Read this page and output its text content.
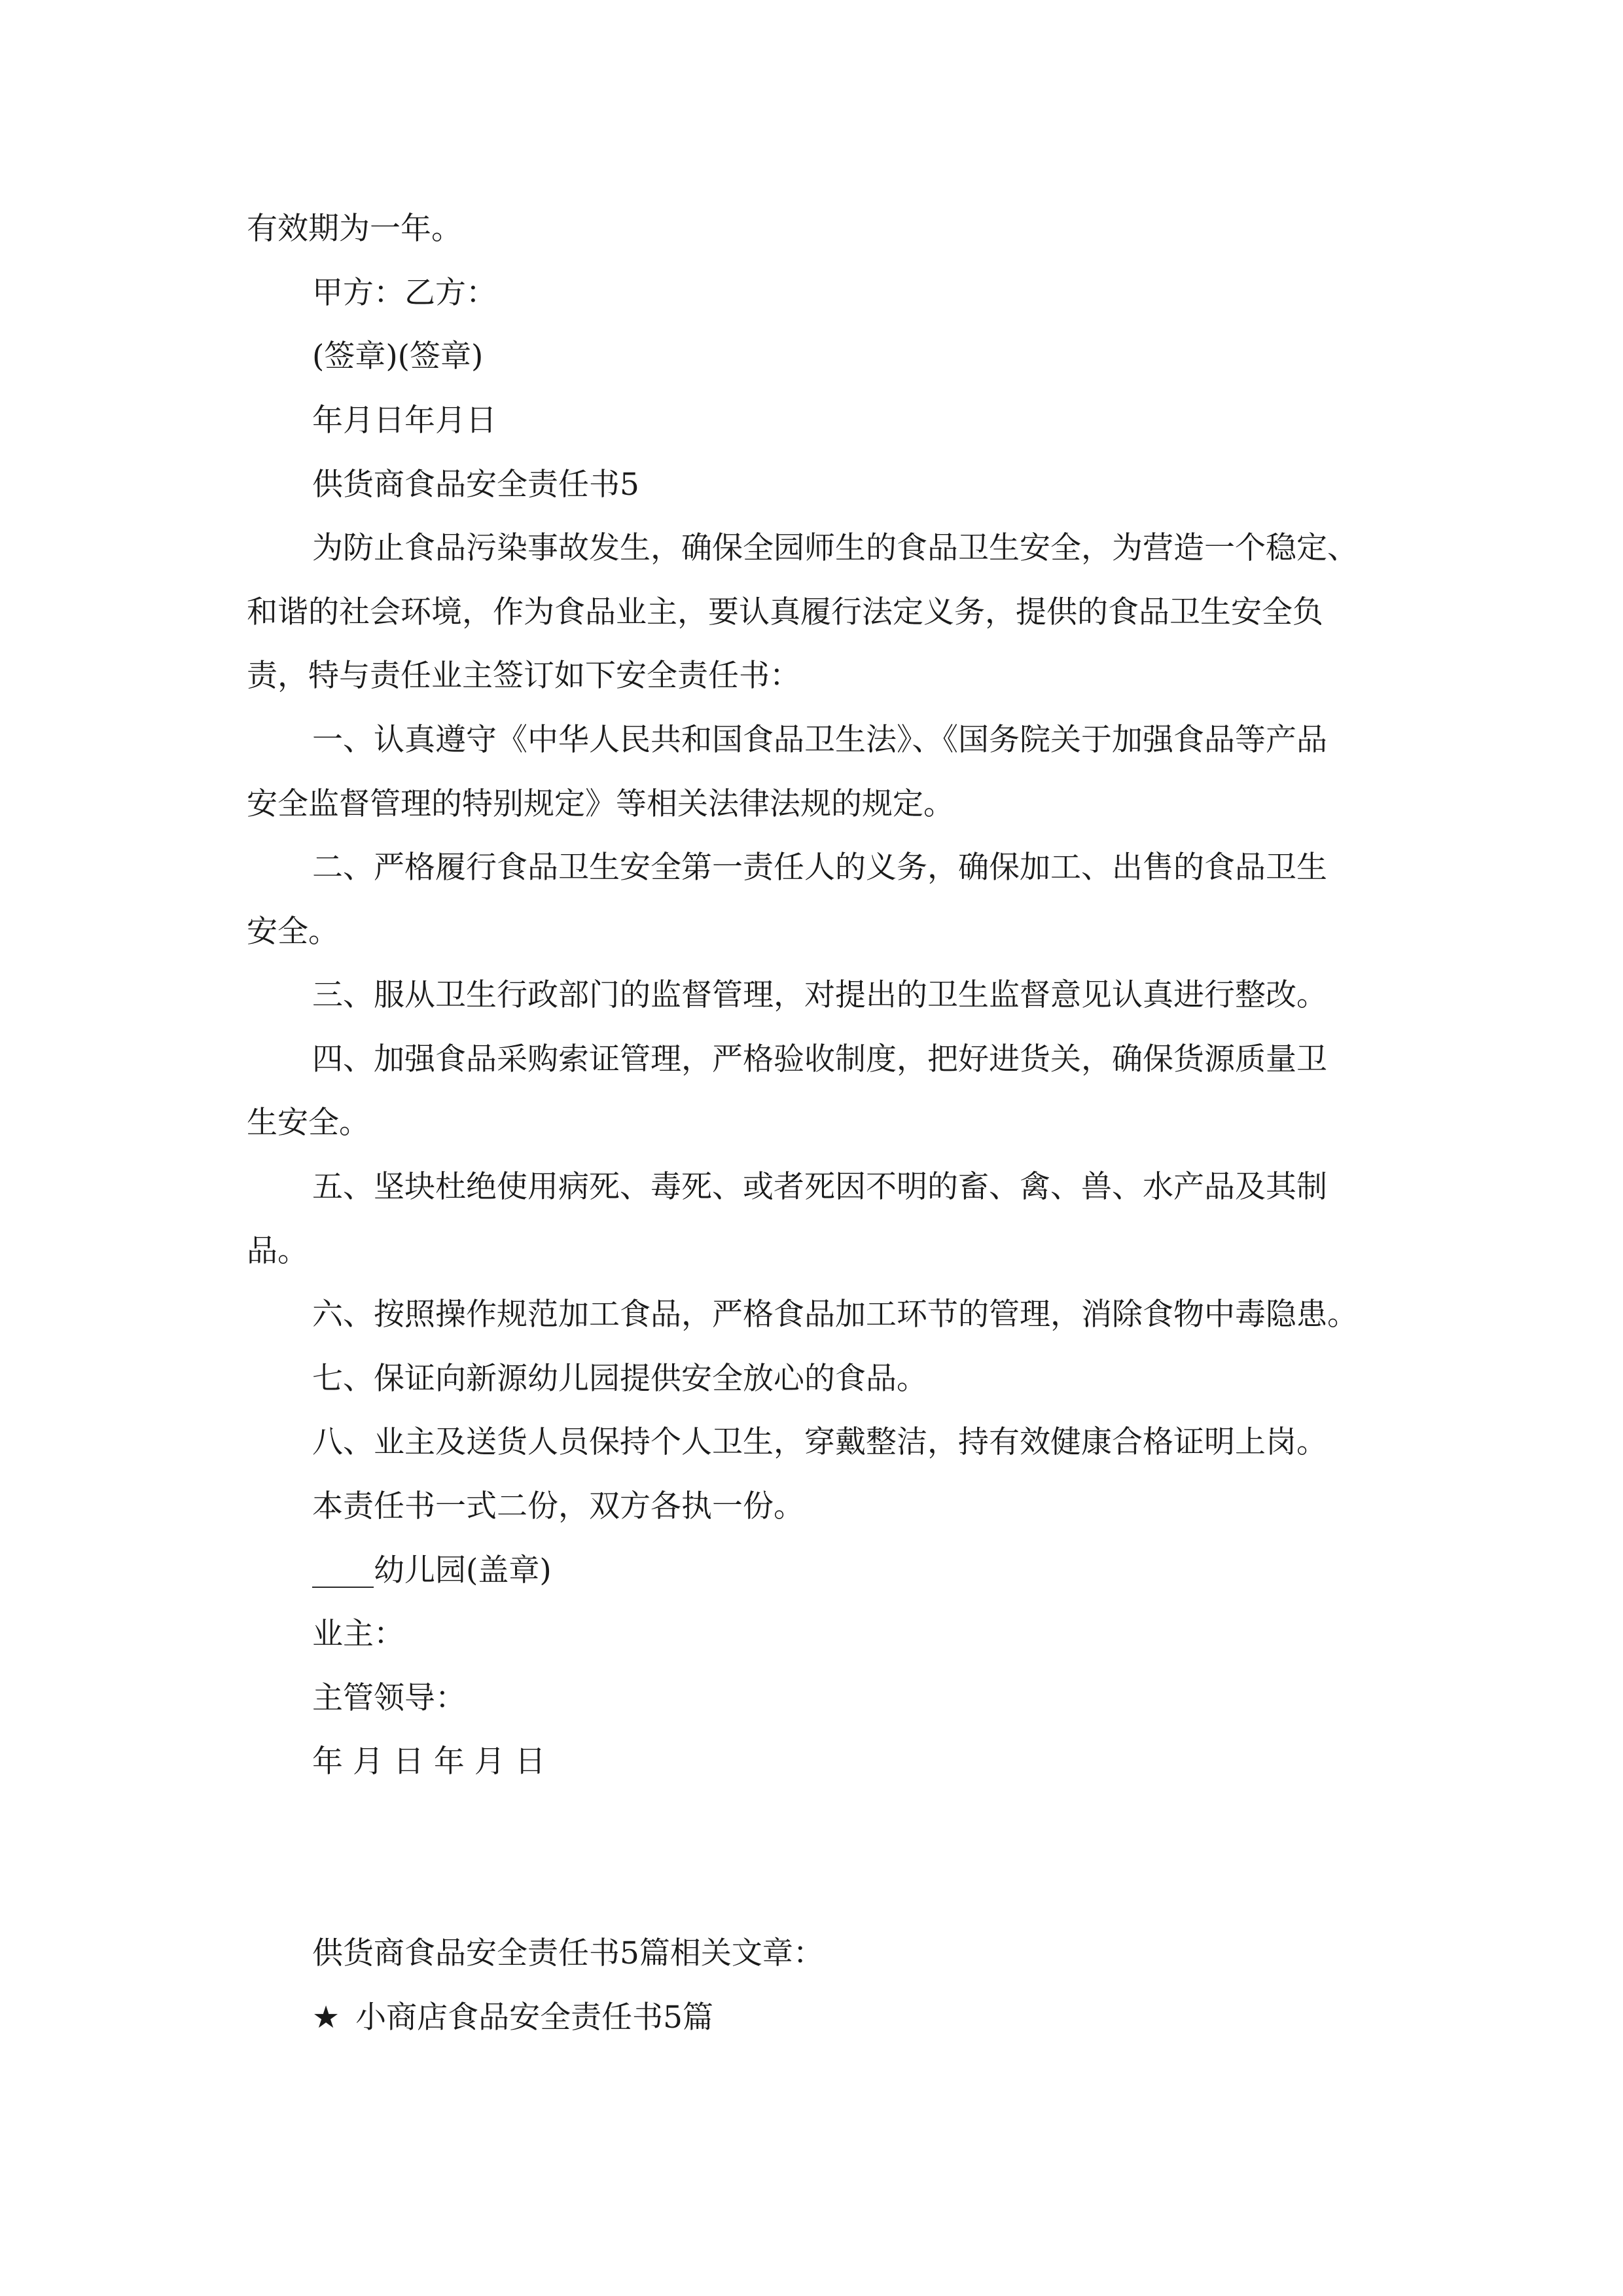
有效期为一年。
甲方：乙方：
(签章)(签章)
年月日年月日
供货商食品安全责任书5
为防止食品污染事故发生，确保全园师生的食品卫生安全，为营造一个稳定、
和谐的社会环境，作为食品业主，要认真履行法定义务，提供的食品卫生安全负
责，特与责任业主签订如下安全责任书：
一、认真遵守《中华人民共和国食品卫生法》、《国务院关于加强食品等产品
安全监督管理的特别规定》等相关法律法规的规定。
二、严格履行食品卫生安全第一责任人的义务，确保加工、出售的食品卫生
安全。
三、服从卫生行政部门的监督管理，对提出的卫生监督意见认真进行整改。
四、加强食品采购索证管理，严格验收制度，把好进货关，确保货源质量卫
生安全。
五、坚块杜绝使用病死、毒死、或者死因不明的畜、禽、兽、水产品及其制
品。
六、按照操作规范加工食品，严格食品加工环节的管理，消除食物中毒隐患。
七、保证向新源幼儿园提供安全放心的食品。
八、业主及送货人员保持个人卫生，穿戴整洁，持有效健康合格证明上岗。
本责任书一式二份，双方各执一份。
____幼儿园(盖章)
业主：
主管领导：
年 月 日 年 月 日
供货商食品安全责任书5篇相关文章：
★ 小商店食品安全责任书5篇
